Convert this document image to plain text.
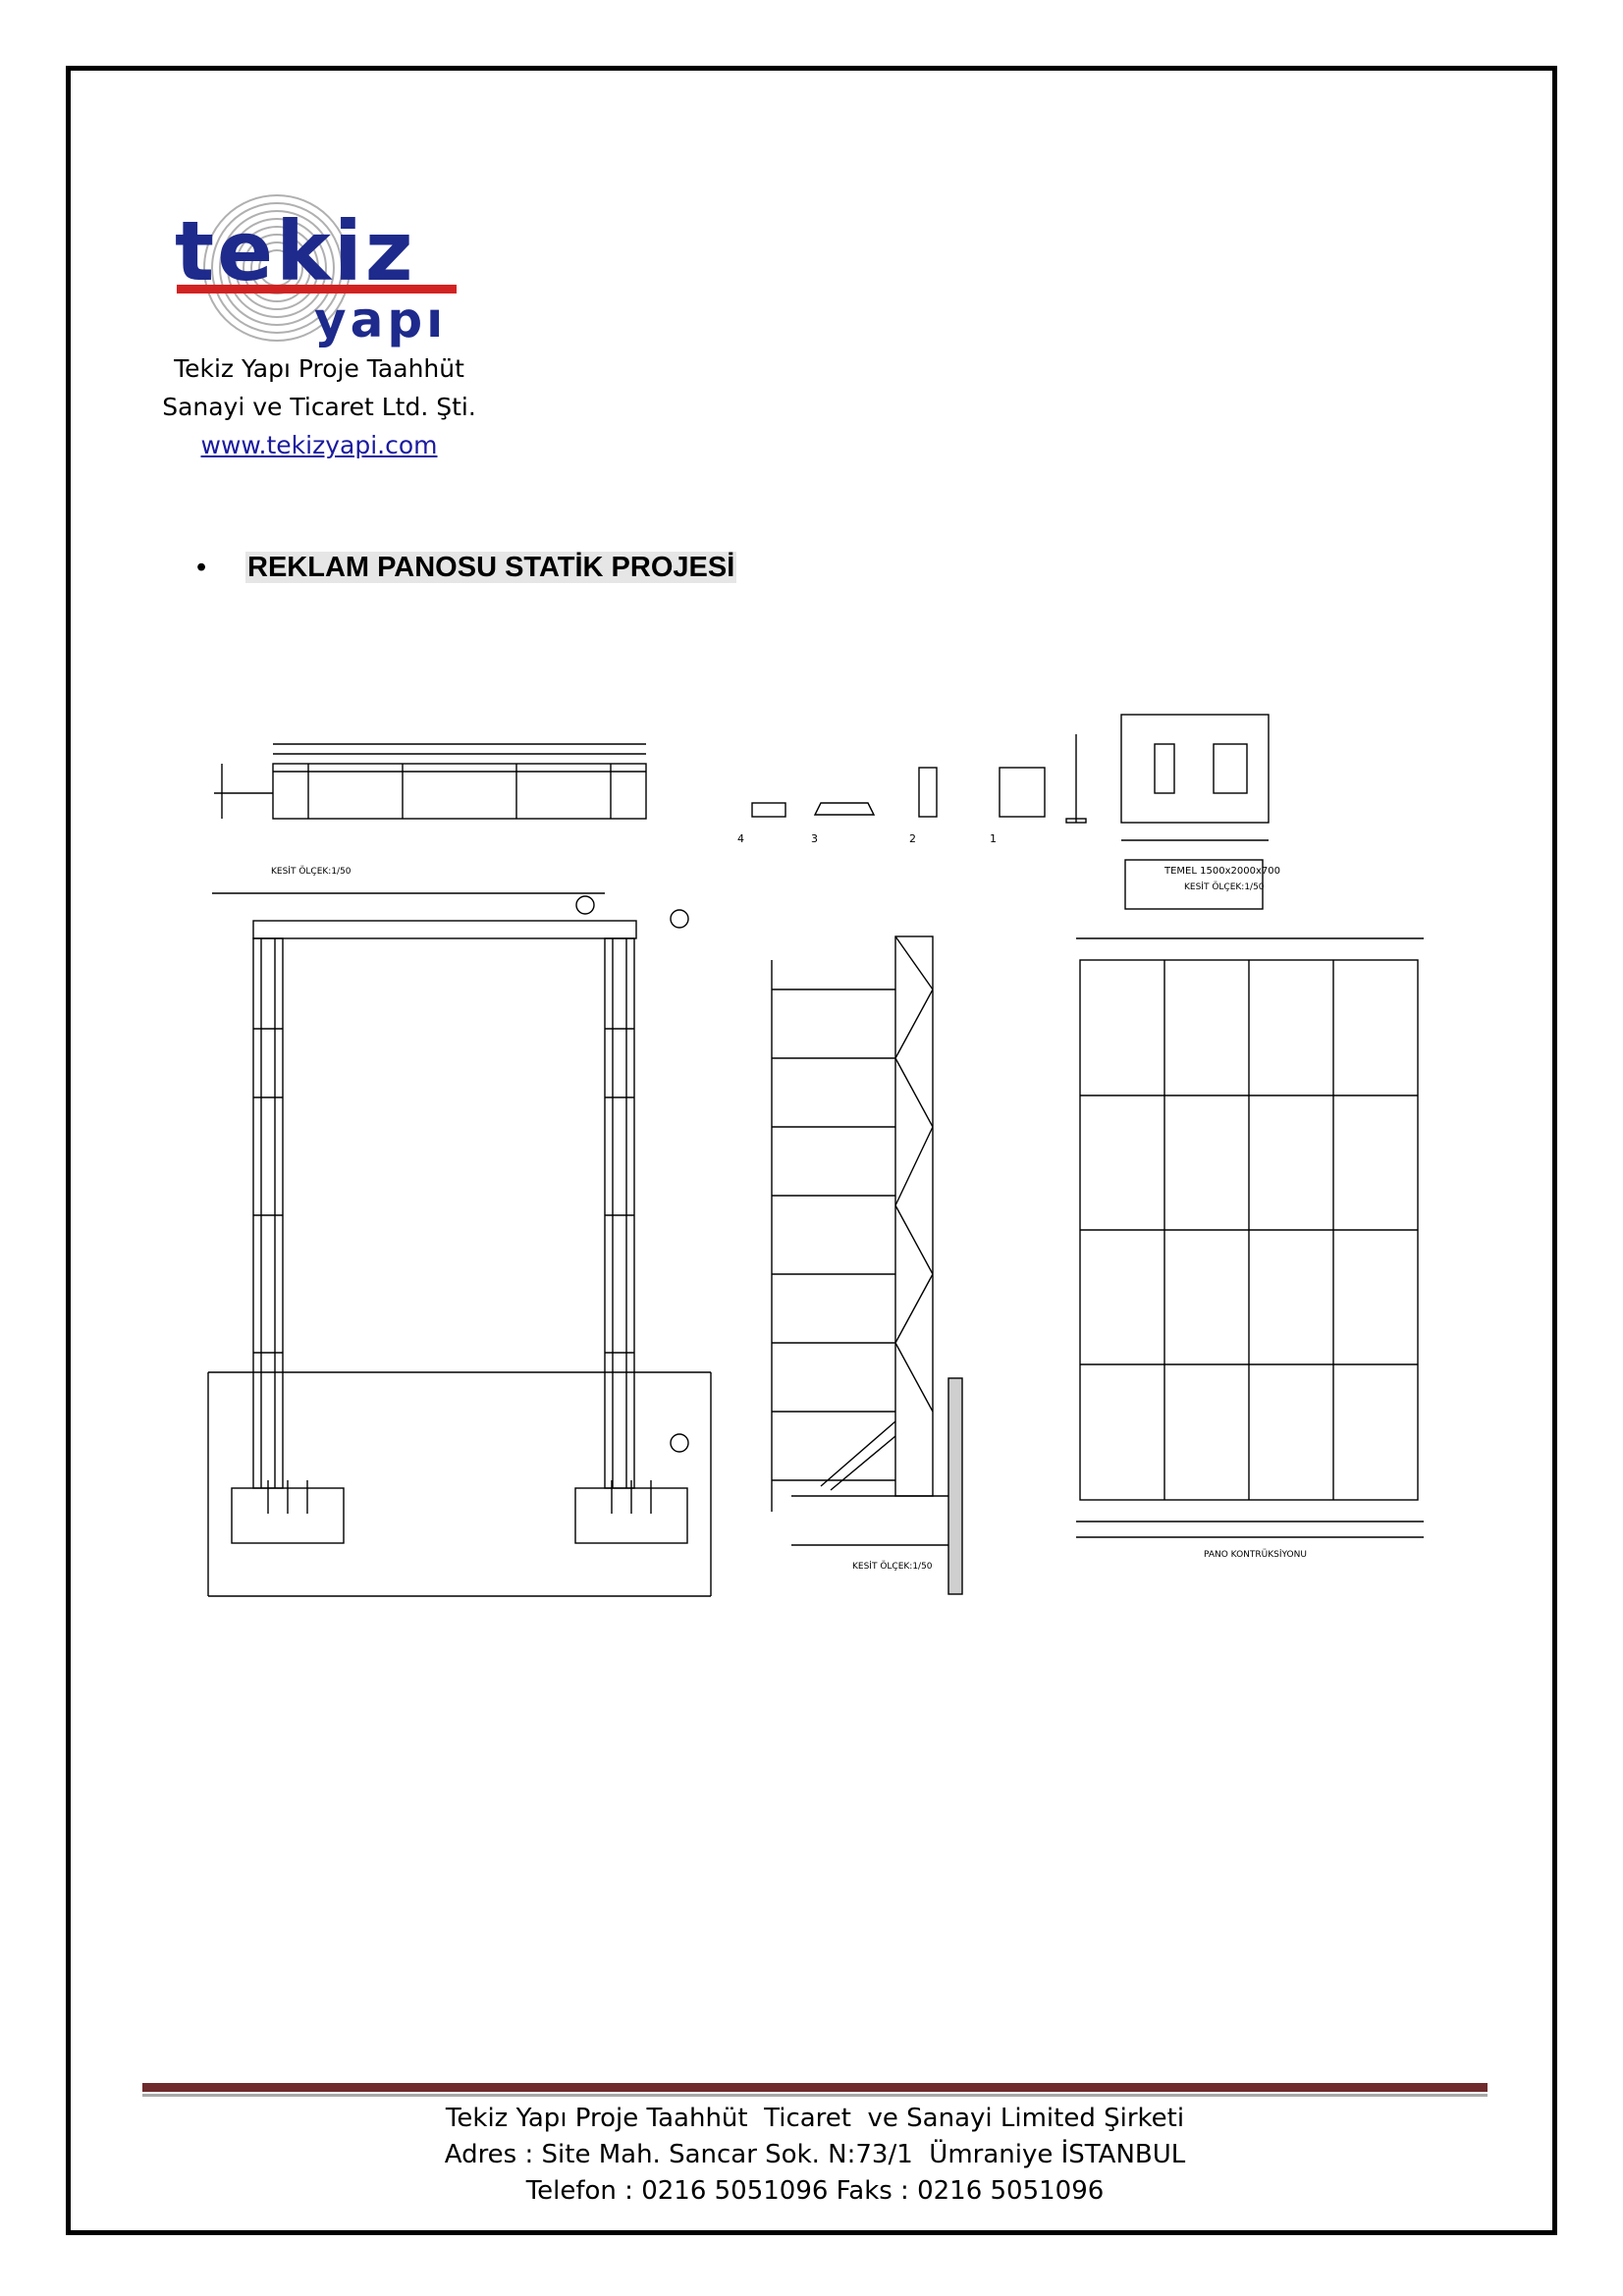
tekiz
yapı
Tekiz Yapı Proje Taahhüt
Sanayi ve Ticaret Ltd. Şti.
www.tekizyapi.com
• REKLAM PANOSU STATİK PROJESİ
KESİT ÖLÇEK:1/50
KESİT ÖLÇEK:1/50
TEMEL 1500x2000x700
KESİT ÖLÇEK:1/50
PANO KONTRÜKSİYONU
4	3	2	1
Tekiz Yapı Proje Taahhüt  Ticaret  ve Sanayi Limited Şirketi
Adres : Site Mah. Sancar Sok. N:73/1  Ümraniye İSTANBUL
Telefon : 0216 5051096 Faks : 0216 5051096
